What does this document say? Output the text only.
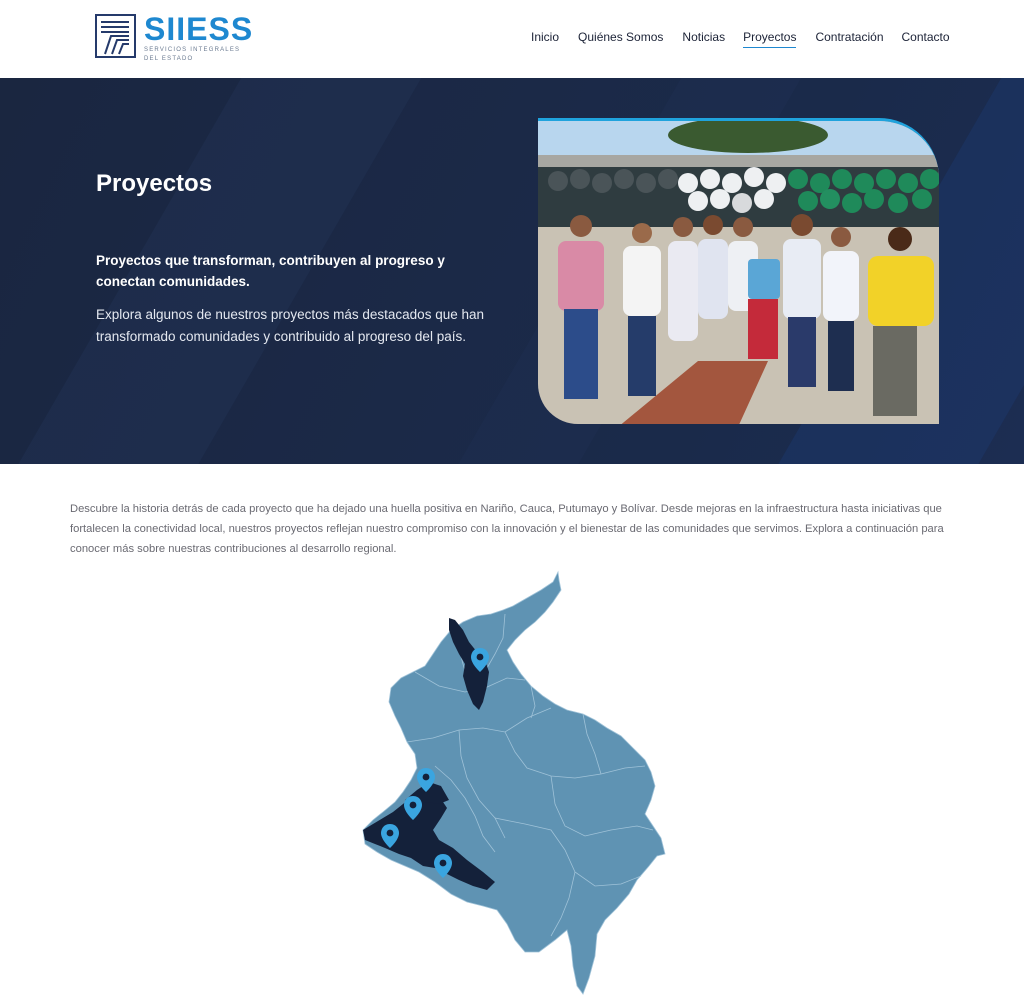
SIIESS
SERVICIOS INTEGRALES
DEL ESTADO
Inicio Quiénes Somos Noticias Proyectos Contratación Contacto
Proyectos

Proyectos que transforman, contribuyen al progreso y conectan comunidades.

Explora algunos de nuestros proyectos más destacados que han transformado comunidades y contribuido al progreso del país.

Descubre la historia detrás de cada proyecto que ha dejado una huella positiva en Nariño, Cauca, Putumayo y Bolívar. Desde mejoras en la infraestructura hasta iniciativas que fortalecen la conectividad local, nuestros proyectos reflejan nuestro compromiso con la innovación y el bienestar de las comunidades que servimos. Explora a continuación para conocer más sobre nuestras contribuciones al desarrollo regional.
